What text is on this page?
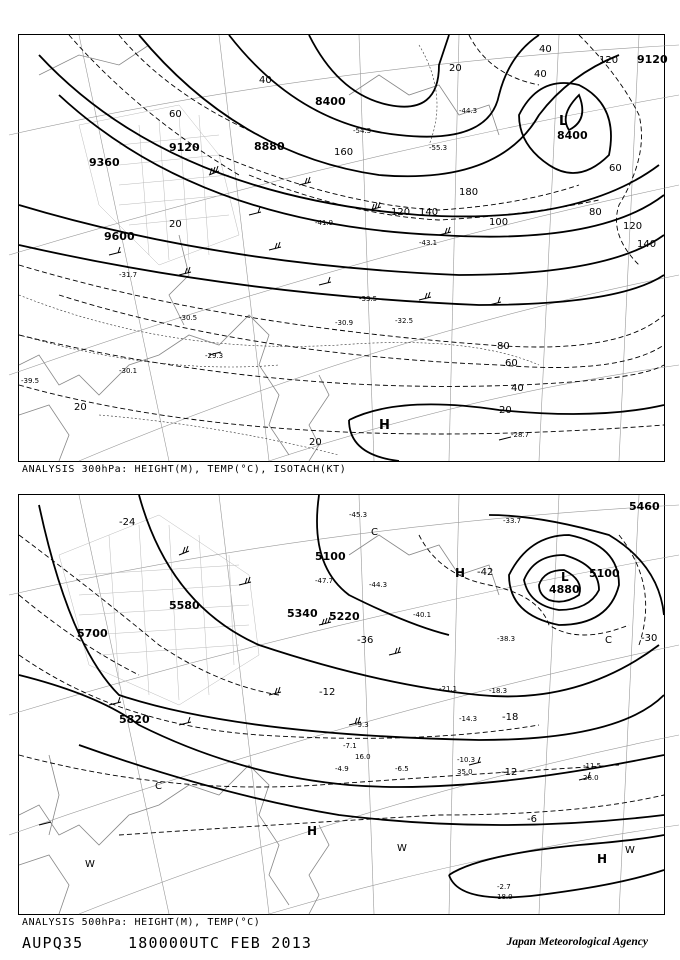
9120
9360
9600
8400
8880
8400
9120
60
40
20
20
20
120 140
160
180
120
140
100
80
60
40
20
20
80
60
40
40
120
-31.7
-29.3
-39.5
-30.1
-30.5
-28.7
-30.9	-32.5
-33.5
-41.9
-43.1
-55.3
-54.3
-44.3
H
L
ANALYSIS 300hPa: HEIGHT(M), TEMP(°C), ISOTACH(KT)
5700
5580
5820
5100
5100
4880
5460
5340 5220
-24
-18
-12
-6
-30
-42
-36
-12
-45.3
-47.7	-44.3
-40.1
-38.3
-33.7
-21.1	-18.3
-14.3
-9.3
-7.1
-6.5
-4.9
-2.7
-10.3
-11.5
18.0
16.0
35.0
26.0
H	L
H
H
C
C
C
W
W	W
ANALYSIS 500hPa: HEIGHT(M), TEMP(°C)
AUPQ35	180000UTC FEB 2013	Japan Meteorological Agency
